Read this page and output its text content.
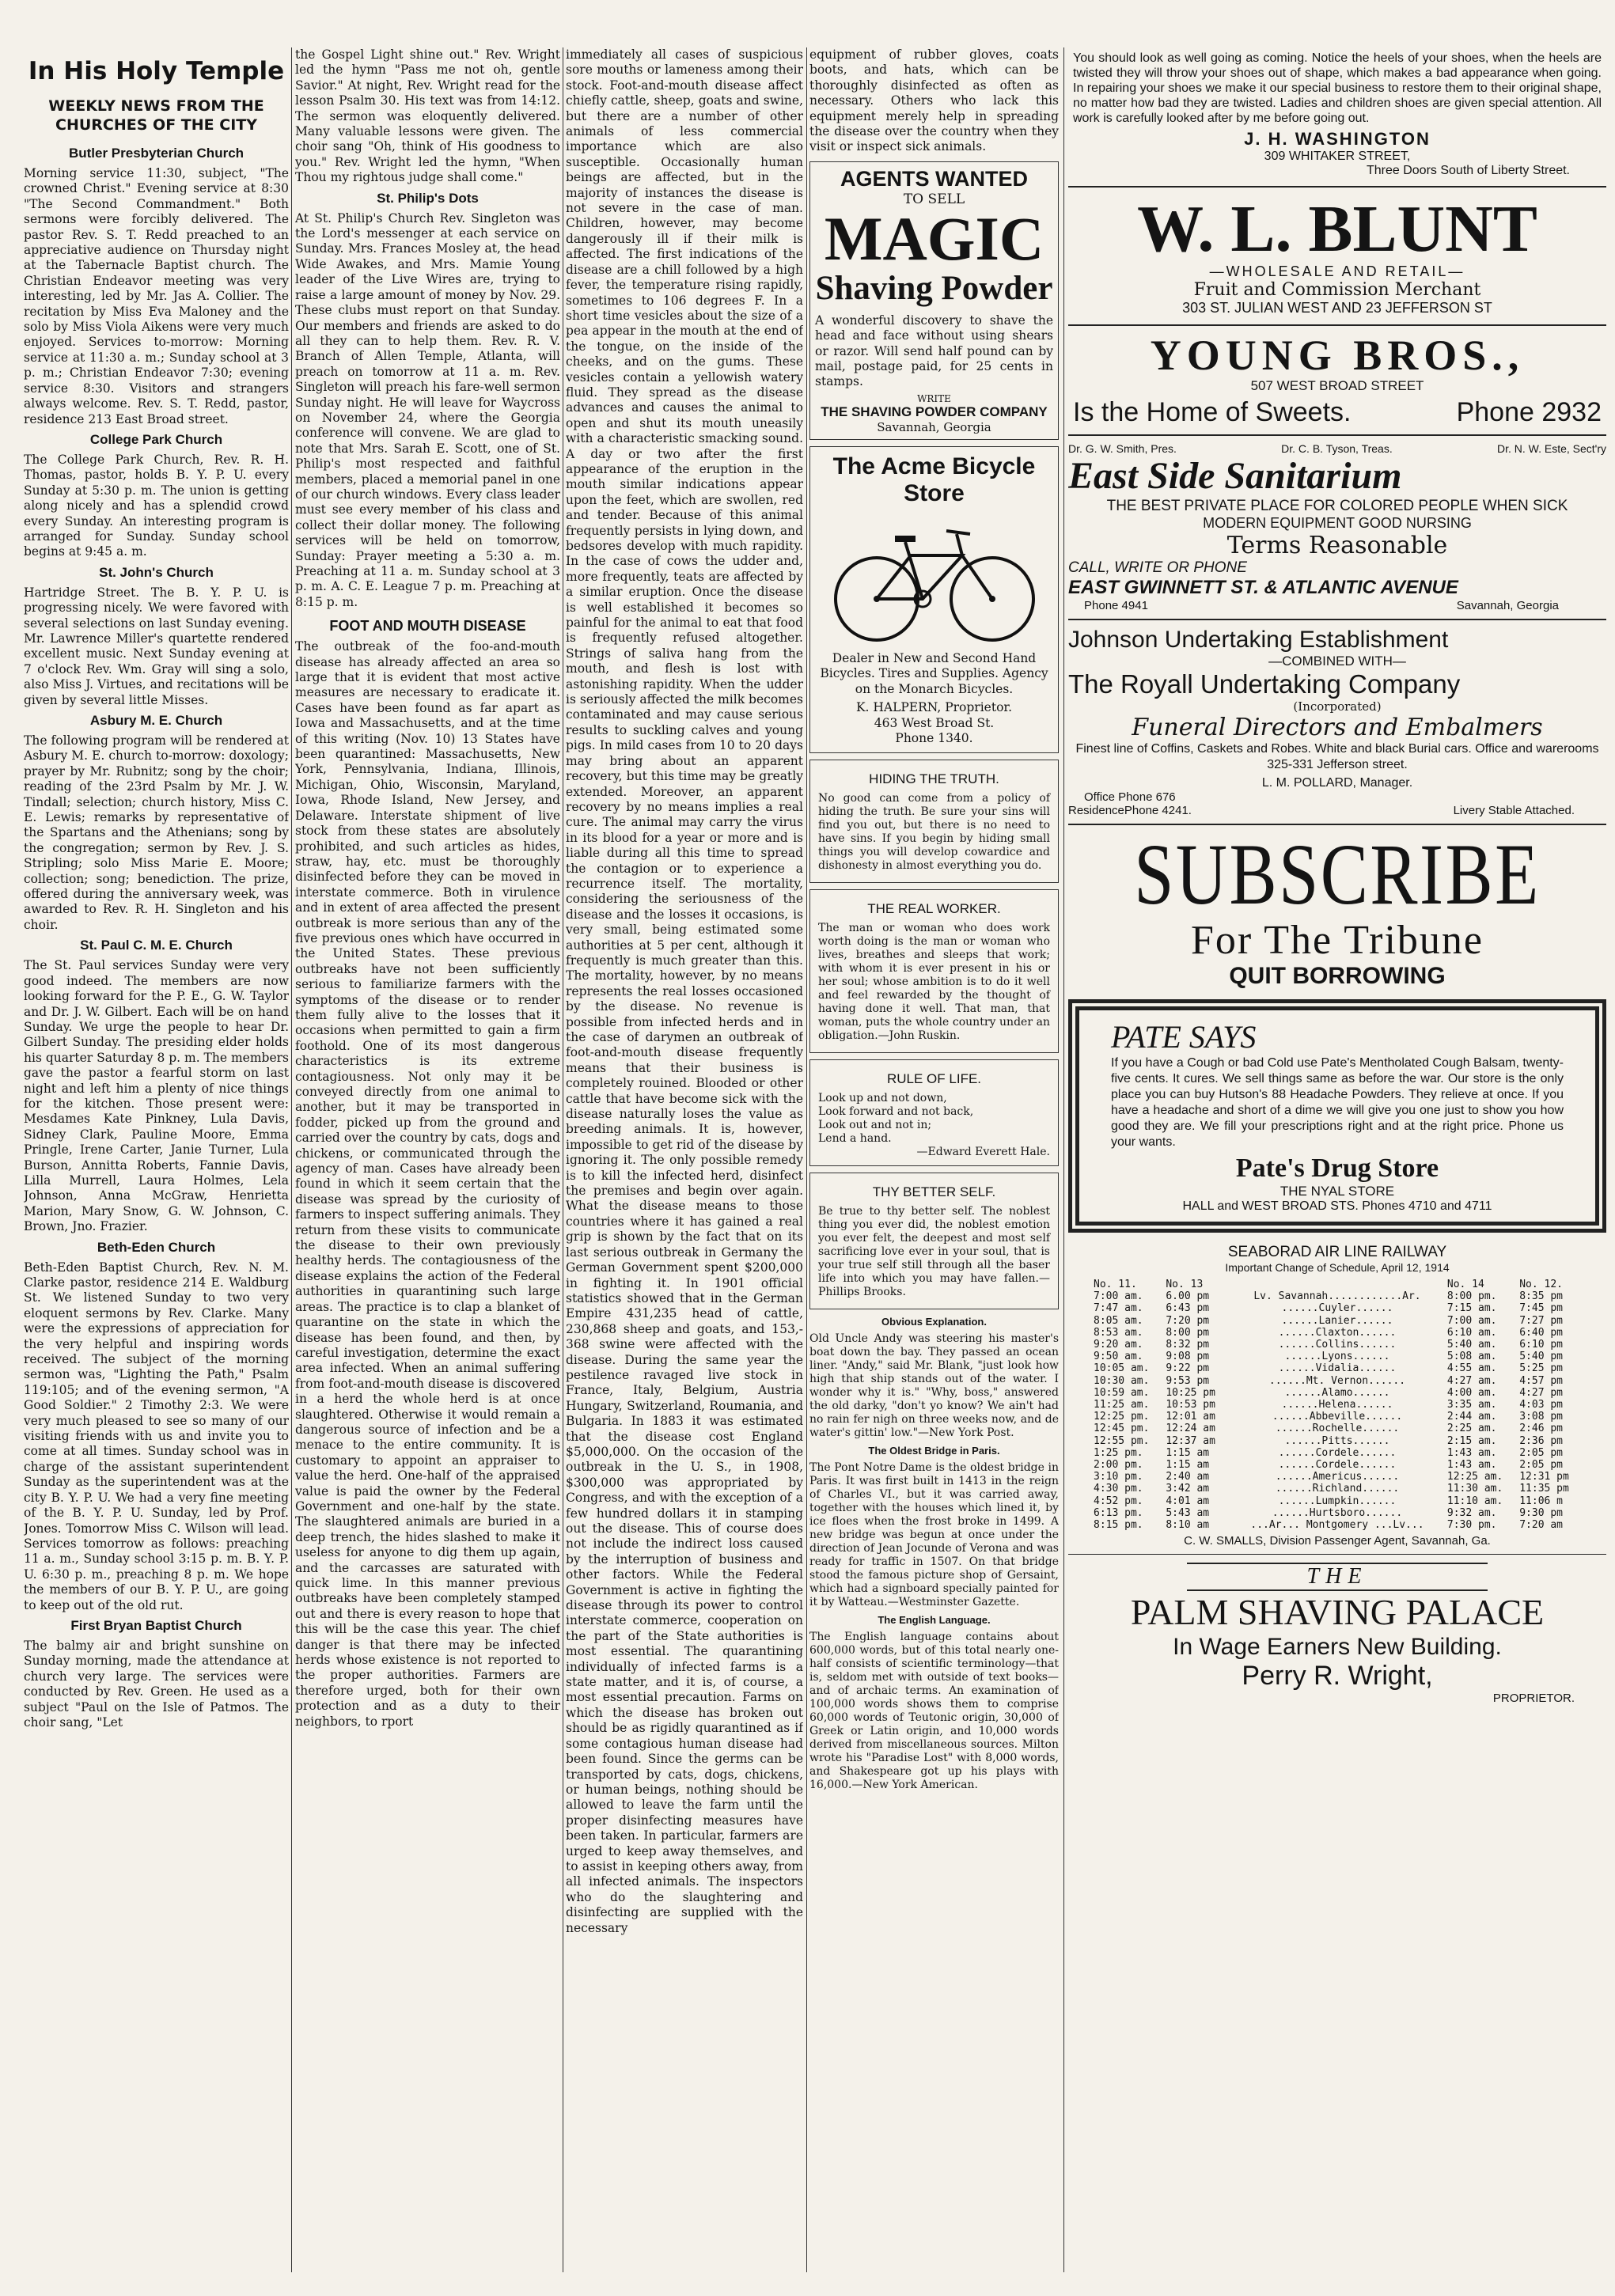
In His Holy Temple
WEEKLY NEWS FROM THE CHURCHES OF THE CITY
Butler Presbyterian Church

Morning service 11:30, subject, "The crowned Christ." Evening service at 8:30 "The Second Commandment." Both sermons were forcibly delivered. The pastor Rev. S. T. Redd preached to an appreciative audience on Thursday night at the Tabernacle Baptist church. The Christian Endeavor meeting was very interesting, led by Mr. Jas A. Collier. The recitation by Miss Eva Maloney and the solo by Miss Viola Aikens were very much enjoyed. Services to-morrow: Morning service at 11:30 a. m.; Sunday school at 3 p. m.; Christian Endeavor 7:30; evening service 8:30. Visitors and strangers always welcome. Rev. S. T. Redd, pastor, residence 213 East Broad street.

College Park Church

The College Park Church, Rev. R. H. Thomas, pastor, holds B. Y. P. U. every Sunday at 5:30 p. m. The union is getting along nicely and has a splendid crowd every Sunday. An interesting program is arranged for Sunday. Sunday school begins at 9:45 a. m.

St. John's Church

Hartridge Street. The B. Y. P. U. is progressing nicely. We were favored with several selections on last Sunday evening. Mr. Lawrence Miller's quartette rendered excellent music. Next Sunday evening at 7 o'clock Rev. Wm. Gray will sing a solo, also Miss J. Virtues, and recitations will be given by several little Misses.

Asbury M. E. Church

The following program will be rendered at Asbury M. E. church to-morrow: doxology; prayer by Mr. Rubnitz; song by the choir; reading of the 23rd Psalm by Mr. J. W. Tindall; selection; church history, Miss C. E. Lewis; remarks by representative of the Spartans and the Athenians; song by the congregation; sermon by Rev. J. S. Stripling; solo Miss Marie E. Moore; collection; song; benediction. The prize, offered during the anniversary week, was awarded to Rev. R. H. Singleton and his choir.

St. Paul C. M. E. Church

The St. Paul services Sunday were very good indeed. The members are now looking forward for the P. E., G. W. Taylor and Dr. J. W. Gilbert. Each will be on hand Sunday. We urge the people to hear Dr. Gilbert Sunday. The presiding elder holds his quarter Saturday 8 p. m. The members gave the pastor a fearful storm on last night and left him a plenty of nice things for the kitchen. Those present were: Mesdames Kate Pinkney, Lula Davis, Sidney Clark, Pauline Moore, Emma Pringle, Irene Carter, Janie Turner, Lula Burson, Annitta Roberts, Fannie Davis, Lilla Murrell, Laura Holmes, Lela Johnson, Anna McGraw, Henrietta Marion, Mary Snow, G. W. Johnson, C. Brown, Jno. Frazier.

Beth-Eden Church

Beth-Eden Baptist Church, Rev. N. M. Clarke pastor, residence 214 E. Waldburg St. We listened Sunday to two very eloquent sermons by Rev. Clarke. Many were the expressions of appreciation for the very helpful and inspiring words received. The subject of the morning sermon was, "Lighting the Path," Psalm 119:105; and of the evening sermon, "A Good Soldier." 2 Timothy 2:3. We were very much pleased to see so many of our visiting friends with us and invite you to come at all times. Sunday school was in charge of the assistant superintendent Sunday as the superintendent was at the city B. Y. P. U. We had a very fine meeting of the B. Y. P. U. Sunday, led by Prof. Jones. Tomorrow Miss C. Wilson will lead. Services tomorrow as follows: preaching 11 a. m., Sunday school 3:15 p. m. B. Y. P. U. 6:30 p. m., preaching 8 p. m. We hope the members of our B. Y. P. U., are going to keep out of the old rut.

First Bryan Baptist Church

The balmy air and bright sunshine on Sunday morning, made the attendance at church very large. The services were conducted by Rev. Green. He used as a subject "Paul on the Isle of Patmos. The choir sang, "Let

the Gospel Light shine out." Rev. Wright led the hymn "Pass me not oh, gentle Savior." At night, Rev. Wright read for the lesson Psalm 30. His text was from 14:12. The sermon was eloquently delivered. Many valuable lessons were given. The choir sang "Oh, think of His goodness to you." Rev. Wright led the hymn, "When Thou my rightous judge shall come."

St. Philip's Dots

At St. Philip's Church Rev. Singleton was the Lord's messenger at each service on Sunday. Mrs. Frances Mosley at, the head Wide Awakes, and Mrs. Mamie Young leader of the Live Wires are, trying to raise a large amount of money by Nov. 29. These clubs must report on that Sunday. Our members and friends are asked to do all they can to help them. Rev. R. V. Branch of Allen Temple, Atlanta, will preach on tomorrow at 11 a. m. Rev. Singleton will preach his fare-well sermon Sunday night. He will leave for Waycross on November 24, where the Georgia conference will convene. We are glad to note that Mrs. Sarah E. Scott, one of St. Philip's most respected and faithful members, placed a memorial panel in one of our church windows. Every class leader must see every member of his class and collect their dollar money. The following services will be held on tomorrow, Sunday: Prayer meeting a 5:30 a. m. Preaching at 11 a. m. Sunday school at 3 p. m. A. C. E. League 7 p. m. Preaching at 8:15 p. m.

FOOT AND MOUTH DISEASE

The outbreak of the foo-and-mouth disease has already affected an area so large that it is evident that most active measures are necessary to eradicate it. Cases have been found as far apart as Iowa and Massachusetts, and at the time of this writing (Nov. 10) 13 States have been quarantined: Massachusetts, New York, Pennsylvania, Indiana, Illinois, Michigan, Ohio, Wisconsin, Maryland, Iowa, Rhode Island, New Jersey, and Delaware. Interstate shipment of live stock from these states are absolutely prohibited, and such articles as hides, straw, hay, etc. must be thoroughly disinfected before they can be moved in interstate commerce. Both in virulence and in extent of area affected the present outbreak is more serious than any of the five previous ones which have occurred in the United States. These previous outbreaks have not been sufficiently serious to familiarize farmers with the symptoms of the disease or to render them fully alive to the losses that it occasions when permitted to gain a firm foothold. One of its most dangerous characteristics is its extreme contagiousness. Not only may it be conveyed directly from one animal to another, but it may be transported in fodder, picked up from the ground and carried over the country by cats, dogs and chickens, or communicated through the agency of man. Cases have already been found in which it seem certain that the disease was spread by the curiosity of farmers to inspect suffering animals. They return from these visits to communicate the disease to their own previously healthy herds. The contagiousness of the disease explains the action of the Federal authorities in quarantining such large areas. The practice is to clap a blanket of quarantine on the state in which the disease has been found, and then, by careful investigation, determine the exact area infected. When an animal suffering from foot-and-mouth disease is discovered in a herd the whole herd is at once slaughtered. Otherwise it would remain a dangerous source of infection and be a menace to the entire community. It is customary to appoint an appraiser to value the herd. One-half of the appraised value is paid the owner by the Federal Government and one-half by the state. The slaughtered animals are buried in a deep trench, the hides slashed to make it useless for anyone to dig them up again, and the carcasses are saturated with quick lime. In this manner previous outbreaks have been completely stamped out and there is every reason to hope that this will be the case this year. The chief danger is that there may be infected herds whose existence is not reported to the proper authorities. Farmers are therefore urged, both for their own protection and as a duty to their neighbors, to rport

immediately all cases of suspicious sore mouths or lameness among their stock. Foot-and-mouth disease affect chiefly cattle, sheep, goats and swine, but there are a number of other animals of less commercial importance which are also susceptible. Occasionally human beings are affected, but in the majority of instances the disease is not severe in the case of man. Children, however, may become dangerously ill if their milk is affected. The first indications of the disease are a chill followed by a high fever, the temperature rising rapidly, sometimes to 106 degrees F. In a short time vesicles about the size of a pea appear in the mouth at the end of the tongue, on the inside of the cheeks, and on the gums. These vesicles contain a yellowish watery fluid. They spread as the disease advances and causes the animal to open and shut its mouth uneasily with a characteristic smacking sound. A day or two after the first appearance of the eruption in the mouth similar indications appear upon the feet, which are swollen, red and tender. Because of this animal frequently persists in lying down, and bedsores develop with much rapidity. In the case of cows the udder and, more frequently, teats are affected by a similar eruption. Once the disease is well established it becomes so painful for the animal to eat that food is frequently refused altogether. Strings of saliva hang from the mouth, and flesh is lost with astonishing rapidity. When the udder is seriously affected the milk becomes contaminated and may cause serious results to suckling calves and young pigs. In mild cases from 10 to 20 days may bring about an apparent recovery, but this time may be greatly extended. Moreover, an apparent recovery by no means implies a real cure. The animal may carry the virus in its blood for a year or more and is liable during all this time to spread the contagion or to experience a recurrence itself. The mortality, considering the seriousness of the disease and the losses it occasions, is very small, being estimated some authorities at 5 per cent, although it frequently is much greater than this. The mortality, however, by no means represents the real losses occasioned by the disease. No revenue is possible from infected herds and in the case of darymen an outbreak of foot-and-mouth disease frequently means that their business is completely rouined. Blooded or other cattle that have become sick with the disease naturally loses the value as breeding animals. It is, however, impossible to get rid of the disease by ignoring it. The only possible remedy is to kill the infected herd, disinfect the premises and begin over again. What the disease means to those countries where it has gained a real grip is shown by the fact that on its last serious outbreak in Germany the German Government spent $200,000 in fighting it. In 1901 official statistics showed that in the German Empire 431,235 head of cattle, 230,868 sheep and goats, and 153,- 368 swine were affected with the disease. During the same year the pestilence ravaged live stock in France, Italy, Belgium, Austria Hungary, Switzerland, Roumania, and Bulgaria. In 1883 it was estimated that the disease cost England $5,000,000. On the occasion of the outbreak in the U. S., in 1908, $300,000 was appropriated by Congress, and with the exception of a few hundred dollars it in stamping out the disease. This of course does not include the indirect loss caused by the interruption of business and other factors. While the Federal Government is active in fighting the disease through its power to control interstate commerce, cooperation on the part of the State authorities is most essential. The quarantining individually of infected farms is a state matter, and it is, of course, a most essential precaution. Farms on which the disease has broken out should be as rigidly quarantined as if some contagious human disease had been found. Since the germs can be transported by cats, dogs, chickens, or human beings, nothing should be allowed to leave the farm until the proper disinfecting measures have been taken. In particular, farmers are urged to keep away themselves, and to assist in keeping others away, from all infected animals. The inspectors who do the slaughtering and disinfecting are supplied with the necessary

equipment of rubber gloves, coats boots, and hats, which can be thoroughly disinfected as often as necessary. Others who lack this equipment merely help in spreading the disease over the country when they visit or inspect sick animals.

AGENTS WANTED
TO SELL
MAGIC
Shaving Powder

A wonderful discovery to shave the head and face without using shears or razor. Will send half pound can by mail, postage paid, for 25 cents in stamps.

WRITE
THE SHAVING POWDER COMPANY
Savannah, Georgia
The Acme Bicycle Store

Dealer in New and Second Hand Bicycles. Tires and Supplies. Agency on the Monarch Bicycles.

K. HALPERN, Proprietor.
463 West Broad St.
Phone 1340.
HIDING THE TRUTH.

No good can come from a policy of hiding the truth. Be sure your sins will find you out, but there is no need to have sins. If you begin by hiding small things you will develop cowardice and dishonesty in almost everything you do.

THE REAL WORKER.

The man or woman who does work worth doing is the man or woman who lives, breathes and sleeps that work; with whom it is ever present in his or her soul; whose ambition is to do it well and feel rewarded by the thought of having done it well. That man, that woman, puts the whole country under an obligation.—John Ruskin.

RULE OF LIFE.
Look up and not down,
Look forward and not back,
Look out and not in;
Lend a hand.
—Edward Everett Hale.
THY BETTER SELF.

Be true to thy better self. The noblest thing you ever did, the noblest emotion you ever felt, the deepest and most self sacrificing love ever in your soul, that is your true self still through all the baser life into which you may have fallen.—Phillips Brooks.

Obvious Explanation.

Old Uncle Andy was steering his master's boat down the bay. They passed an ocean liner. "Andy," said Mr. Blank, "just look how high that ship stands out of the water. I wonder why it is." "Why, boss," answered the old darky, "don't yo know? We ain't had no rain fer nigh on three weeks now, and de water's gittin' low."—New York Post.

The Oldest Bridge in Paris.

The Pont Notre Dame is the oldest bridge in Paris. It was first built in 1413 in the reign of Charles VI., but it was carried away, together with the houses which lined it, by ice floes when the frost broke in 1499. A new bridge was begun at once under the direction of Jean Jocunde of Verona and was ready for traffic in 1507. On that bridge stood the famous picture shop of Gersaint, which had a signboard specially painted for it by Watteau.—Westminster Gazette.

The English Language.

The English language contains about 600,000 words, but of this total nearly one-half consists of scientific terminology—that is, seldom met with outside of text books—and of archaic terms. An examination of 100,000 words shows them to comprise 60,000 words of Teutonic origin, 30,000 of Greek or Latin origin, and 10,000 words derived from miscellaneous sources. Milton wrote his "Paradise Lost" with 8,000 words, and Shakespeare got up his plays with 16,000.—New York American.

You should look as well going as coming. Notice the heels of your shoes, when the heels are twisted they will throw your shoes out of shape, which makes a bad appearance when going. In repairing your shoes we make it our special business to restore them to their original shape, no matter how bad they are twisted. Ladies and children shoes are given special attention. All work is carefully looked after by me before going out.

J. H. WASHINGTON
309 WHITAKER STREET,
Three Doors South of Liberty Street.
W. L. BLUNT
—WHOLESALE AND RETAIL—
Fruit and Commission Merchant
303 ST. JULIAN WEST AND 23 JEFFERSON ST
YOUNG BROS.,
507 WEST BROAD STREET
Is the Home of Sweets.	Phone 2932
Dr. G. W. Smith, Pres.	Dr. C. B. Tyson, Treas.	Dr. N. W. Este, Sect'ry
East Side Sanitarium
THE BEST PRIVATE PLACE FOR COLORED PEOPLE WHEN SICK
MODERN EQUIPMENT GOOD NURSING
Terms Reasonable
CALL, WRITE OR PHONE
EAST GWINNETT ST. & ATLANTIC AVENUE
Phone 4941	Savannah, Georgia
Johnson Undertaking Establishment
—COMBINED WITH—
The Royall Undertaking Company
(Incorporated)
Funeral Directors and Embalmers

Finest line of Coffins, Caskets and Robes. White and black Burial cars. Office and warerooms 325-331 Jefferson street.

L. M. POLLARD, Manager.
Office Phone 676
ResidencePhone 4241.	Livery Stable Attached.
SUBSCRIBE
For The Tribune
QUIT BORROWING
PATE SAYS

If you have a Cough or bad Cold use Pate's Mentholated Cough Balsam, twenty-five cents. It cures. We sell things same as before the war. Our store is the only place you can buy Hutson's 88 Headache Powders. They relieve at once. If you have a headache and short of a dime we will give you one just to show you how good they are. We fill your prescriptions right and at the right price. Phone us your wants.

Pate's Drug Store
THE NYAL STORE
HALL and WEST BROAD STS. Phones 4710 and 4711
SEABORAD AIR LINE RAILWAY
Important Change of Schedule, April 12, 1914
No. 11.	No. 13		No. 14	No. 12.
7:00 am.	6.00 pm	Lv. Savannah............Ar.	8:00 pm.	8:35 pm
7:47 am.	6:43 pm	......Cuyler......	7:15 am.	7:45 pm
8:05 am.	7:20 pm	......Lanier......	7:00 am.	7:27 pm
8:53 am.	8:00 pm	......Claxton......	6:10 am.	6:40 pm
9:20 am.	8:32 pm	......Collins......	5:40 am.	6:10 pm
9:50 am.	9:08 pm	......Lyons......	5:08 am.	5:40 pm
10:05 am.	9:22 pm	......Vidalia......	4:55 am.	5:25 pm
10:30 am.	9:53 pm	......Mt. Vernon......	4:27 am.	4:57 pm
10:59 am.	10:25 pm	......Alamo......	4:00 am.	4:27 pm
11:25 am.	10:53 pm	......Helena......	3:35 am.	4:03 pm
12:25 pm.	12:01 am	......Abbeville......	2:44 am.	3:08 pm
12:45 pm.	12:24 am	......Rochelle......	2:25 am.	2:46 pm
12:55 pm.	12:37 am	......Pitts......	2:15 am.	2:36 pm
1:25 pm.	1:15 am	......Cordele......	1:43 am.	2:05 pm
2:00 pm.	1:15 am	......Cordele......	1:43 am.	2:05 pm
3:10 pm.	2:40 am	......Americus......	12:25 am.	12:31 pm
4:30 pm.	3:42 am	......Richland......	11:30 am.	11:35 pm
4:52 pm.	4:01 am	......Lumpkin......	11:10 am.	11:06 m
6:13 pm.	5:43 am	......Hurtsboro......	9:32 am.	9:30 pm
8:15 pm.	8:10 am	...Ar... Montgomery ...Lv...	7:30 pm.	7:20 am
C. W. SMALLS, Division Passenger Agent, Savannah, Ga.
THE
PALM SHAVING PALACE
In Wage Earners New Building.
Perry R. Wright,
PROPRIETOR.
